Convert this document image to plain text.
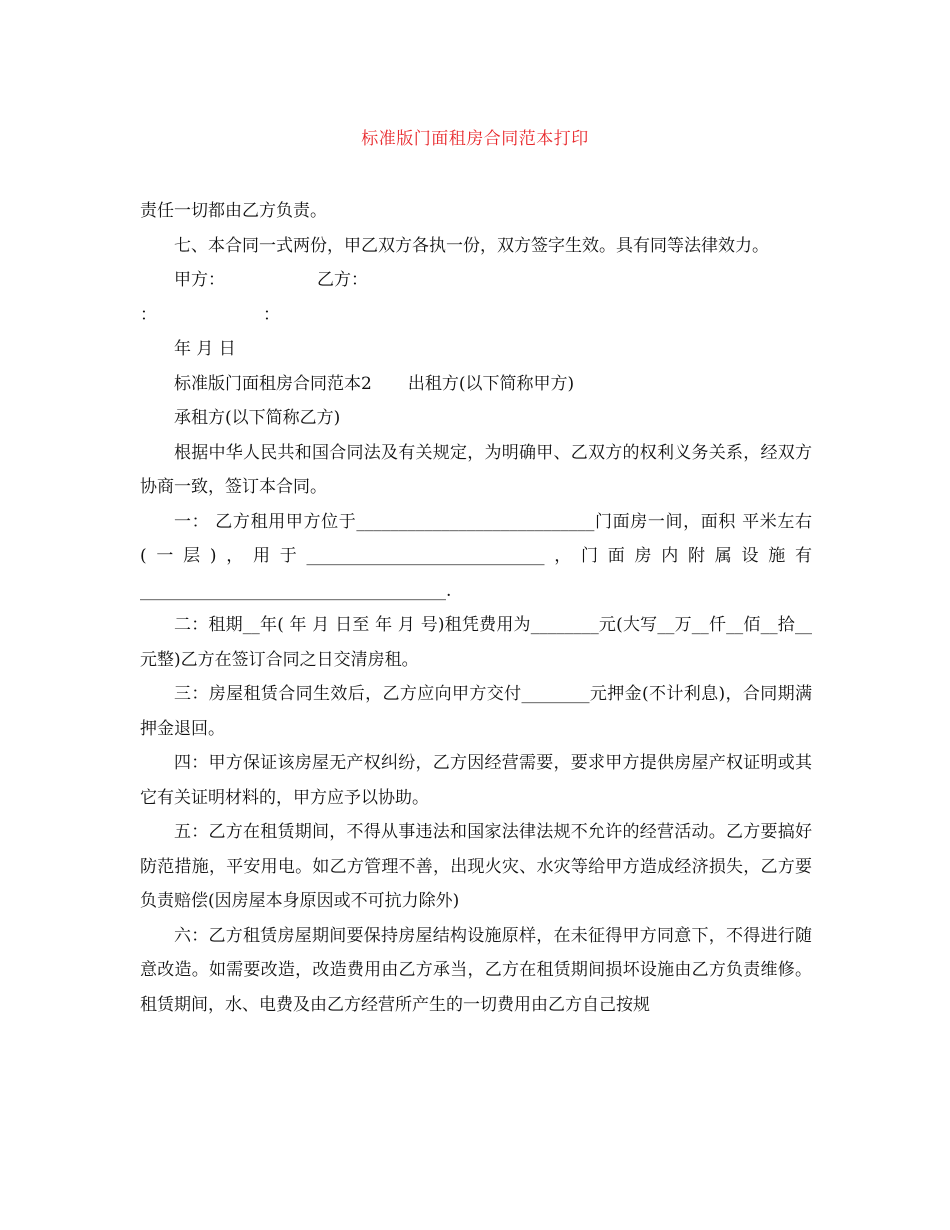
标准版门面租房合同范本打印

责任一切都由乙方负责。

七、本合同一式两份，甲乙双方各执一份，双方签字生效。具有同等法律效力。

甲方：	乙方：

：	：

年 月 日

标准版门面租房合同范本2 出租方(以下简称甲方)

承租方(以下简称乙方)

根据中华人民共和国合同法及有关规定，为明确甲、乙双方的权利义务关系，经双方协商一致，签订本合同。

一： 乙方租用甲方位于____________________________门面房一间，面积 平米左右(一层)，用于____________________________，门面房内附属设施有____________________________________.

二：租期__年( 年 月 日至 年 月 号)租凭费用为________元(大写__万__仟__佰__拾__元整)乙方在签订合同之日交清房租。

三：房屋租赁合同生效后，乙方应向甲方交付________元押金(不计利息)，合同期满押金退回。

四：甲方保证该房屋无产权纠纷，乙方因经营需要，要求甲方提供房屋产权证明或其它有关证明材料的，甲方应予以协助。

五：乙方在租赁期间，不得从事违法和国家法律法规不允许的经营活动。乙方要搞好防范措施，平安用电。如乙方管理不善，出现火灾、水灾等给甲方造成经济损失，乙方要负责赔偿(因房屋本身原因或不可抗力除外)

六：乙方租赁房屋期间要保持房屋结构设施原样，在未征得甲方同意下，不得进行随意改造。如需要改造，改造费用由乙方承当，乙方在租赁期间损坏设施由乙方负责维修。租赁期间，水、电费及由乙方经营所产生的一切费用由乙方自己按规
